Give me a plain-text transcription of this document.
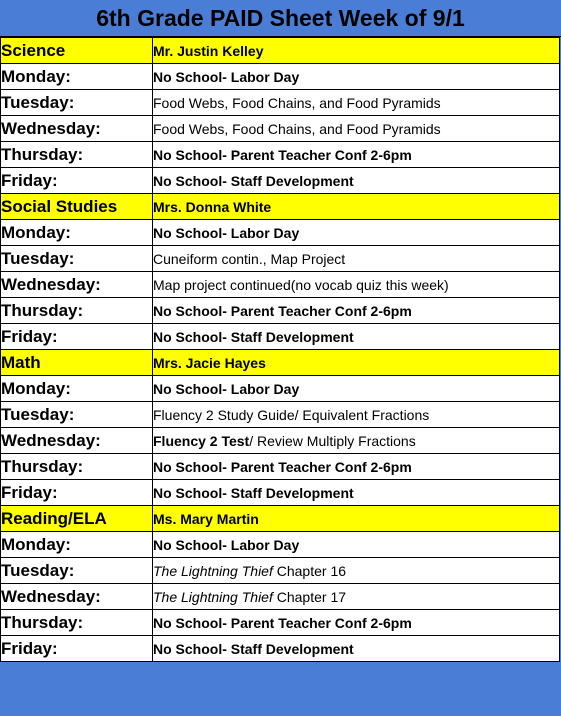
6th Grade PAID Sheet Week of 9/1
Science	Mr. Justin Kelley
Monday:	No School- Labor Day
Tuesday:	Food Webs, Food Chains, and Food Pyramids
Wednesday:	Food Webs, Food Chains, and Food Pyramids
Thursday:	No School- Parent Teacher Conf 2-6pm
Friday:	No School- Staff Development
Social Studies	Mrs. Donna White
Monday:	No School- Labor Day
Tuesday:	Cuneiform contin., Map Project
Wednesday:	Map project continued(no vocab quiz this week)
Thursday:	No School- Parent Teacher Conf 2-6pm
Friday:	No School- Staff Development
Math	Mrs. Jacie Hayes
Monday:	No School- Labor Day
Tuesday:	Fluency 2 Study Guide/ Equivalent Fractions
Wednesday:	Fluency 2 Test/ Review Multiply Fractions
Thursday:	No School- Parent Teacher Conf 2-6pm
Friday:	No School- Staff Development
Reading/ELA	Ms. Mary Martin
Monday:	No School- Labor Day
Tuesday:	The Lightning Thief Chapter 16
Wednesday:	The Lightning Thief Chapter 17
Thursday:	No School- Parent Teacher Conf 2-6pm
Friday:	No School- Staff Development
